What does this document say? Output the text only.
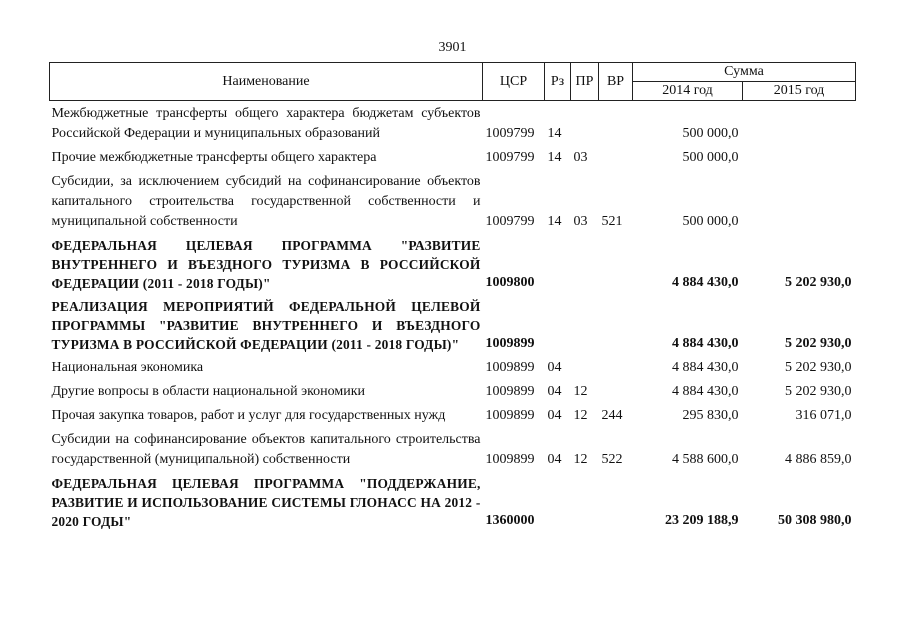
3901
Наименование	ЦСР	Рз	ПР	ВР	Сумма	
					2014 год	2015 год
Межбюджетные трансферты общего характера бюджетам субъектов Российской Федерации и муниципальных образований	1009799	14			500 000,0	
Прочие межбюджетные трансферты общего характера	1009799	14	03		500 000,0	
Субсидии, за исключением субсидий на софинансирование объектов капитального строительства государственной собственности и муниципальной собственности	1009799	14	03	521	500 000,0	
ФЕДЕРАЛЬНАЯ ЦЕЛЕВАЯ ПРОГРАММА "РАЗВИТИЕ ВНУТРЕННЕГО И ВЪЕЗДНОГО ТУРИЗМА В РОССИЙСКОЙ ФЕДЕРАЦИИ (2011 - 2018 ГОДЫ)"	1009800				4 884 430,0	5 202 930,0
РЕАЛИЗАЦИЯ МЕРОПРИЯТИЙ ФЕДЕРАЛЬНОЙ ЦЕЛЕВОЙ ПРОГРАММЫ "РАЗВИТИЕ ВНУТРЕННЕГО И ВЪЕЗДНОГО ТУРИЗМА В РОССИЙСКОЙ ФЕДЕРАЦИИ (2011 - 2018 ГОДЫ)"	1009899				4 884 430,0	5 202 930,0
Национальная экономика	1009899	04			4 884 430,0	5 202 930,0
Другие вопросы в области национальной экономики	1009899	04	12		4 884 430,0	5 202 930,0
Прочая закупка товаров, работ и услуг для государственных нужд	1009899	04	12	244	295 830,0	316 071,0
Субсидии на софинансирование объектов капитального строительства государственной (муниципальной) собственности	1009899	04	12	522	4 588 600,0	4 886 859,0
ФЕДЕРАЛЬНАЯ ЦЕЛЕВАЯ ПРОГРАММА "ПОДДЕРЖАНИЕ, РАЗВИТИЕ И ИСПОЛЬЗОВАНИЕ СИСТЕМЫ ГЛОНАСС НА 2012 - 2020 ГОДЫ"	1360000				23 209 188,9	50 308 980,0
